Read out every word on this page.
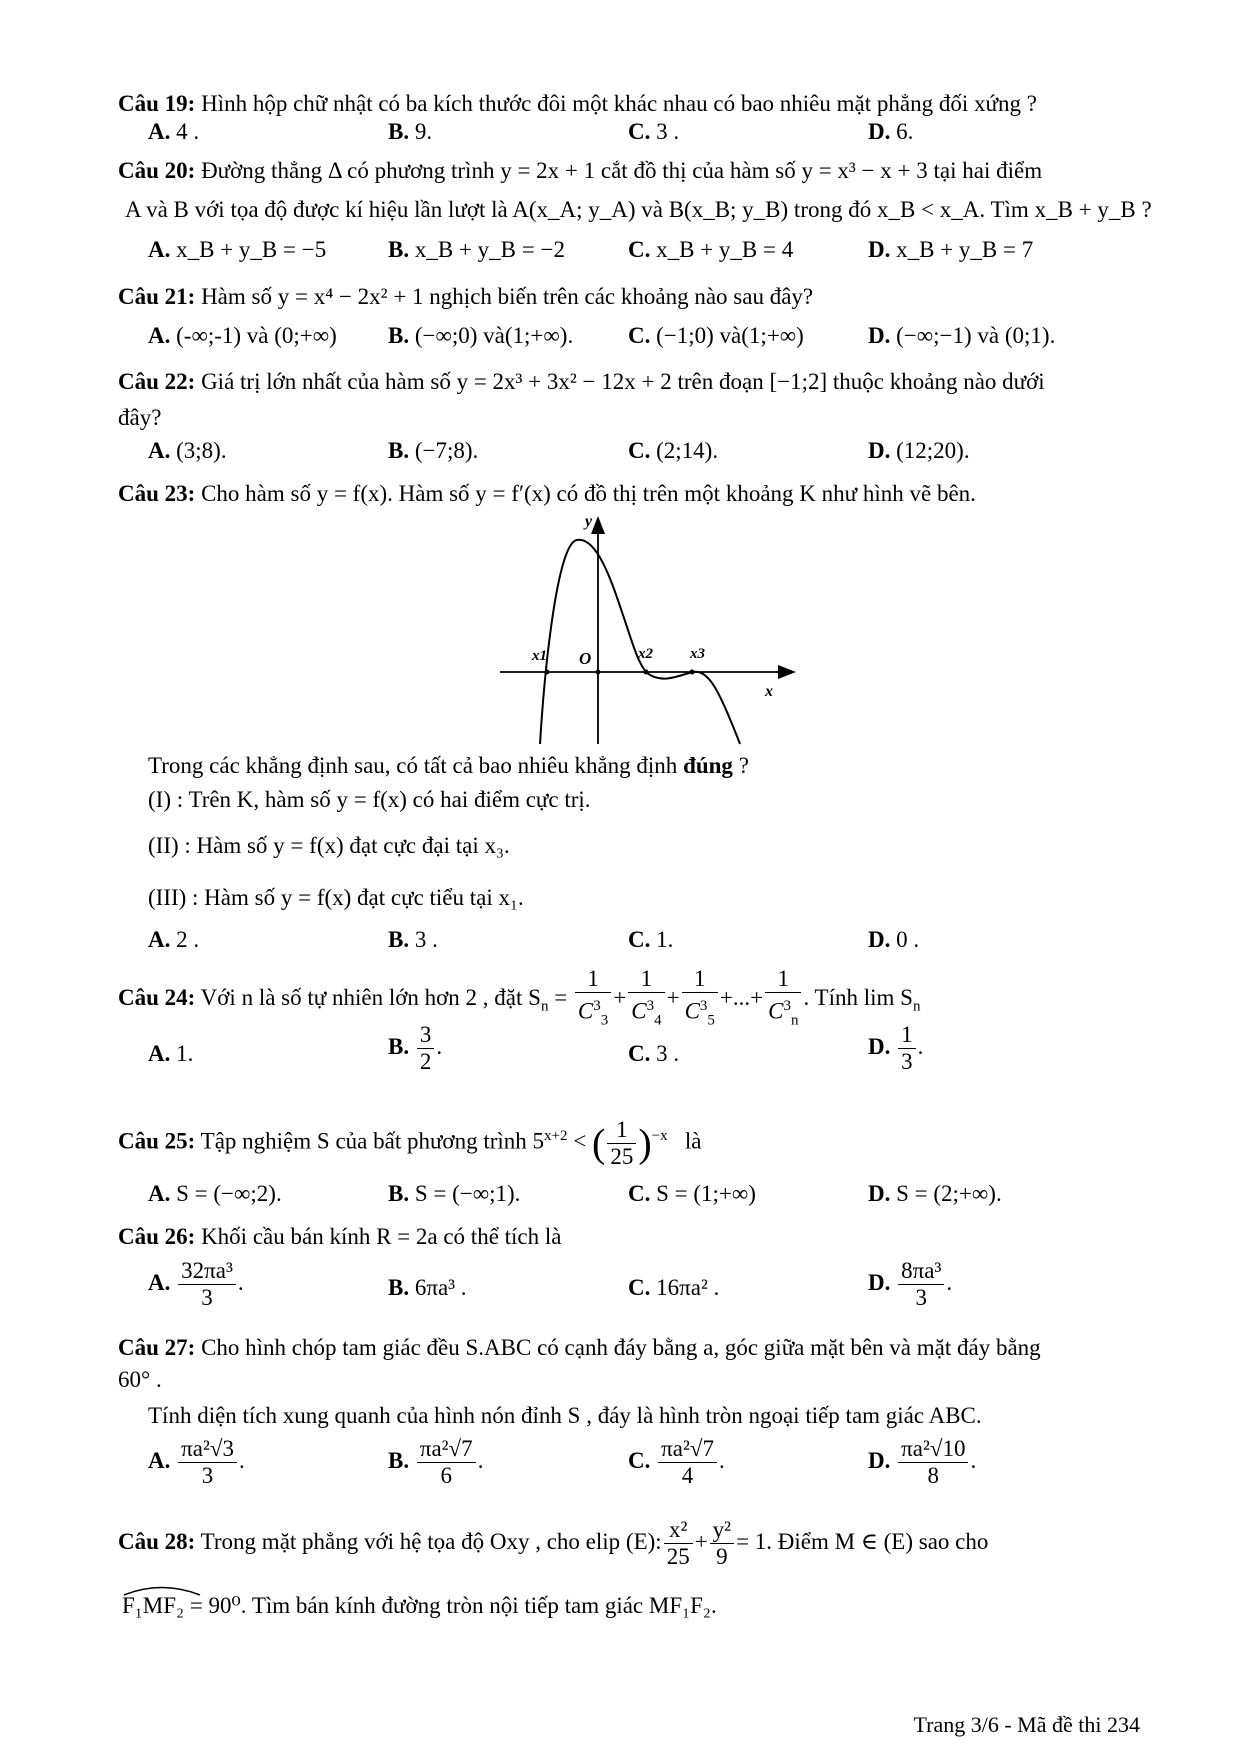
Câu 19: Hình hộp chữ nhật có ba kích thước đôi một khác nhau có bao nhiêu mặt phẳng đối xứng ?
A. 4 .	B. 9.	C. 3 .	D. 6.
Câu 20: Đường thẳng Δ có phương trình y = 2x + 1 cắt đồ thị của hàm số y = x³ − x + 3 tại hai điểm
A và B với tọa độ được kí hiệu lần lượt là A(x_A; y_A) và B(x_B; y_B) trong đó x_B < x_A. Tìm x_B + y_B ?
A. x_B + y_B = −5	B. x_B + y_B = −2	C. x_B + y_B = 4	D. x_B + y_B = 7
Câu 21: Hàm số y = x⁴ − 2x² + 1 nghịch biến trên các khoảng nào sau đây?
A. (-∞;-1) và (0;+∞) B. (−∞;0) và(1;+∞). C. (−1;0) và(1;+∞)	D. (−∞;−1) và (0;1).
Câu 22: Giá trị lớn nhất của hàm số y = 2x³ + 3x² − 12x + 2 trên đoạn [−1;2] thuộc khoảng nào dưới
đây?
A. (3;8).	B. (−7;8).	C. (2;14).	D. (12;20).
Câu 23: Cho hàm số y = f(x). Hàm số y = f′(x) có đồ thị trên một khoảng K như hình vẽ bên.
y
x
O
x1	x2 x3
Trong các khẳng định sau, có tất cả bao nhiêu khẳng định đúng ?
(I) : Trên K, hàm số y = f(x) có hai điểm cực trị.
(II) : Hàm số y = f(x) đạt cực đại tại x₃.
(III) : Hàm số y = f(x) đạt cực tiểu tại x₁.
A. 2 .	B. 3 .	C. 1.	D. 0 .
Câu 24: Với n là số tự nhiên lớn hơn 2 , đặt $S_n = \frac{1}{C^3_3} + \frac{1}{C^3_4} + \frac{1}{C^3_5}$ +...+ $\frac{1}{C^3_n}$ . Tính $\lim S_n$
A. 1.	B. $\frac{3}{2}$ .	C. 3 .	D. $\frac{1}{3}$ .
Câu 25: Tập nghiệm S của bất phương trình $5^{x+2}$ < ( $\frac{1}{25} )^{-x}$ là
A. S = (−∞;2).	B. S = (−∞;1).	C. S = (1;+∞)	D. S = (2;+∞).
Câu 26: Khối cầu bán kính R = 2a có thể tích là
A. $\frac{\text{32πa³}}{3}$ .	B. 6πa³ .	C. 16πa² .	D. $\frac{\text{8πa³}}{3}$ .
Câu 27: Cho hình chóp tam giác đều S.ABC có cạnh đáy bằng a, góc giữa mặt bên và mặt đáy bằng
60° .
Tính diện tích xung quanh của hình nón đỉnh S , đáy là hình tròn ngoại tiếp tam giác ABC.
A. $\frac{\text{πa²√3}}{3}$ .	B. $\frac{\text{πa²√7}}{6}$ .	C. $\frac{\text{πa²√7}}{4}$ .	D. $\frac{\text{πa²√10}}{8}$ .
Câu 28: Trong mặt phẳng với hệ tọa độ Oxy , cho elip (E): $\frac{\text{x²}}{25} + \frac{\text{y²}}{9} = 1$. Điểm M ∈ (E) sao cho
F₁MF₂ = 90⁰. Tìm bán kính đường tròn nội tiếp tam giác MF₁F₂.
Trang 3/6 - Mã đề thi 234
